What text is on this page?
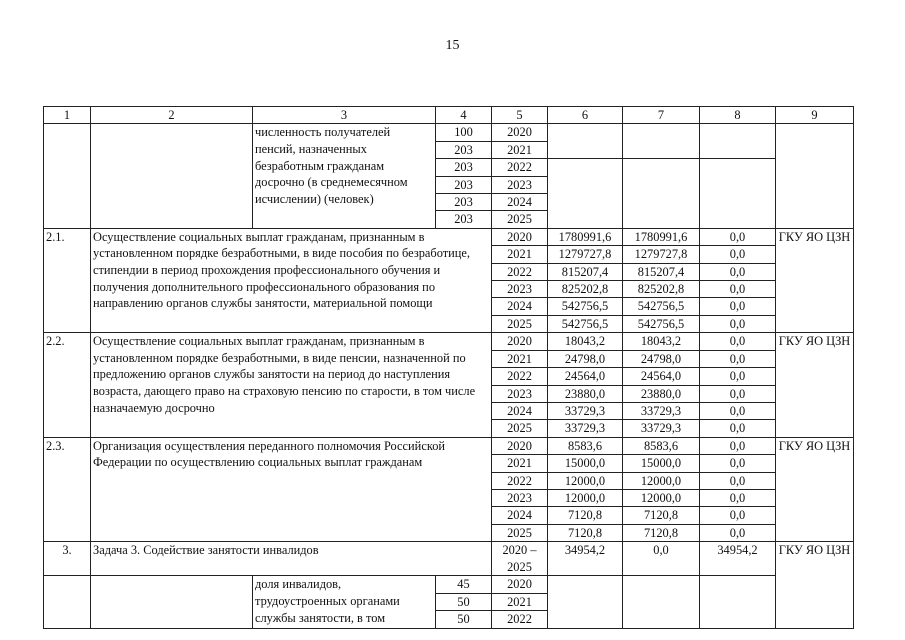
15
1	2	3	4	5	6	7	8	9
		численность получателей пенсий, назначенных безработным гражданам досрочно (в среднемесячном исчислении) (человек)	100	2020				
			203	2021				
			203	2022				
			203	2023				
			203	2024				
			203	2025				
2.1.	Осуществление социальных выплат гражданам, признанным в установленном порядке безработными, в виде пособия по безработице, стипендии в период прохождения профессионального обучения и получения дополнительного профессионального образования по направлению органов службы занятости, материальной помощи			2020	1780991,6	1780991,6	0,0	ГКУ ЯО ЦЗН
				2021	1279727,8	1279727,8	0,0	
				2022	815207,4	815207,4	0,0	
				2023	825202,8	825202,8	0,0	
				2024	542756,5	542756,5	0,0	
				2025	542756,5	542756,5	0,0	
2.2.	Осуществление социальных выплат гражданам, признанным в установленном порядке безработными, в виде пенсии, назначенной по предложению органов службы занятости на период до наступления возраста, дающего право на страховую пенсию по старости, в том числе назначаемую досрочно			2020	18043,2	18043,2	0,0	ГКУ ЯО ЦЗН
				2021	24798,0	24798,0	0,0	
				2022	24564,0	24564,0	0,0	
				2023	23880,0	23880,0	0,0	
				2024	33729,3	33729,3	0,0	
				2025	33729,3	33729,3	0,0	
2.3.	Организация осуществления переданного полномочия Российской Федерации по осуществлению социальных выплат гражданам			2020	8583,6	8583,6	0,0	ГКУ ЯО ЦЗН
				2021	15000,0	15000,0	0,0	
				2022	12000,0	12000,0	0,0	
				2023	12000,0	12000,0	0,0	
				2024	7120,8	7120,8	0,0	
				2025	7120,8	7120,8	0,0	
3.	Задача 3. Содействие занятости инвалидов			2020 – 2025	34954,2	0,0	34954,2	ГКУ ЯО ЦЗН
		доля инвалидов, трудоустроенных органами службы занятости, в том	45	2020				
			50	2021				
			50	2022				
